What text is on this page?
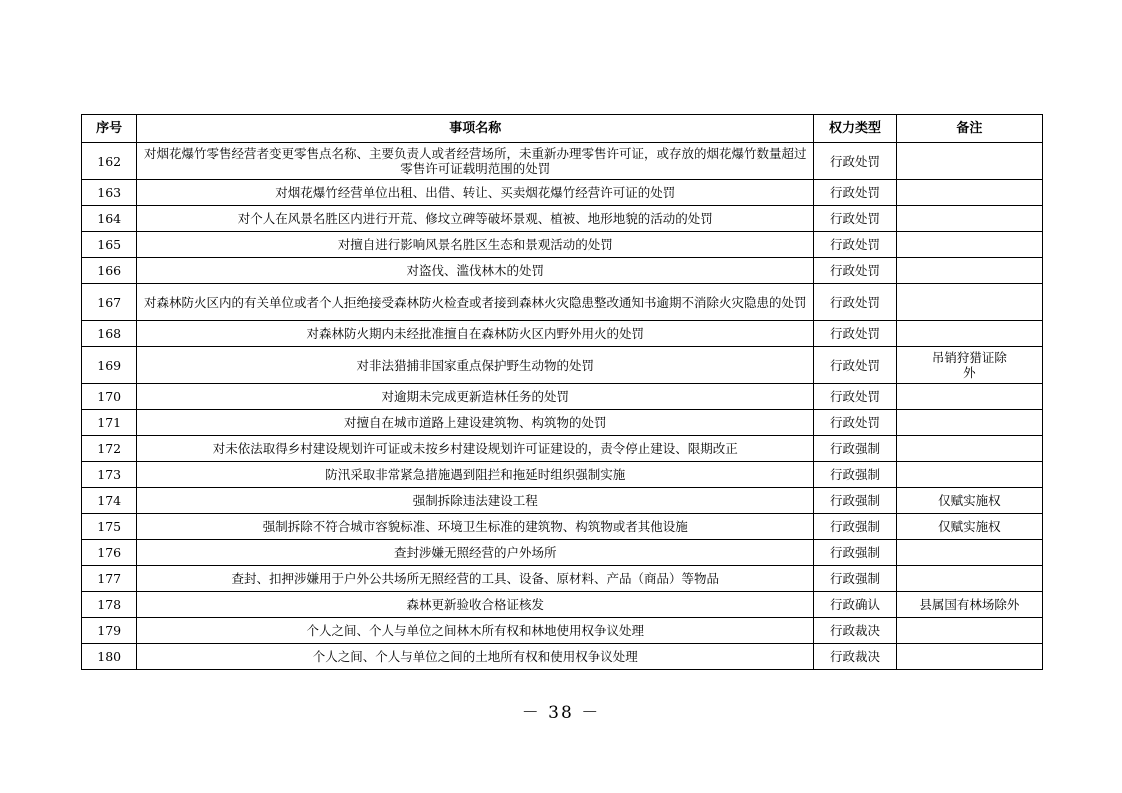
序号	事项名称	权力类型	备注
162	对烟花爆竹零售经营者变更零售点名称、主要负责人或者经营场所，未重新办理零售许可证，或存放的烟花爆竹数量超过零售许可证载明范围的处罚	行政处罚	
163	对烟花爆竹经营单位出租、出借、转让、买卖烟花爆竹经营许可证的处罚	行政处罚	
164	对个人在风景名胜区内进行开荒、修坟立碑等破坏景观、植被、地形地貌的活动的处罚	行政处罚	
165	对擅自进行影响风景名胜区生态和景观活动的处罚	行政处罚	
166	对盗伐、滥伐林木的处罚	行政处罚	
167	对森林防火区内的有关单位或者个人拒绝接受森林防火检查或者接到森林火灾隐患整改通知书逾期不消除火灾隐患的处罚	行政处罚	
168	对森林防火期内未经批准擅自在森林防火区内野外用火的处罚	行政处罚	
169	对非法猎捕非国家重点保护野生动物的处罚	行政处罚	吊销狩猎证除外
170	对逾期未完成更新造林任务的处罚	行政处罚	
171	对擅自在城市道路上建设建筑物、构筑物的处罚	行政处罚	
172	对未依法取得乡村建设规划许可证或未按乡村建设规划许可证建设的，责令停止建设、限期改正	行政强制	
173	防汛采取非常紧急措施遇到阻拦和拖延时组织强制实施	行政强制	
174	强制拆除违法建设工程	行政强制	仅赋实施权
175	强制拆除不符合城市容貌标准、环境卫生标准的建筑物、构筑物或者其他设施	行政强制	仅赋实施权
176	查封涉嫌无照经营的户外场所	行政强制	
177	查封、扣押涉嫌用于户外公共场所无照经营的工具、设备、原材料、产品（商品）等物品	行政强制	
178	森林更新验收合格证核发	行政确认	县属国有林场除外
179	个人之间、个人与单位之间林木所有权和林地使用权争议处理	行政裁决	
180	个人之间、个人与单位之间的土地所有权和使用权争议处理	行政裁决	
－ 38 －
